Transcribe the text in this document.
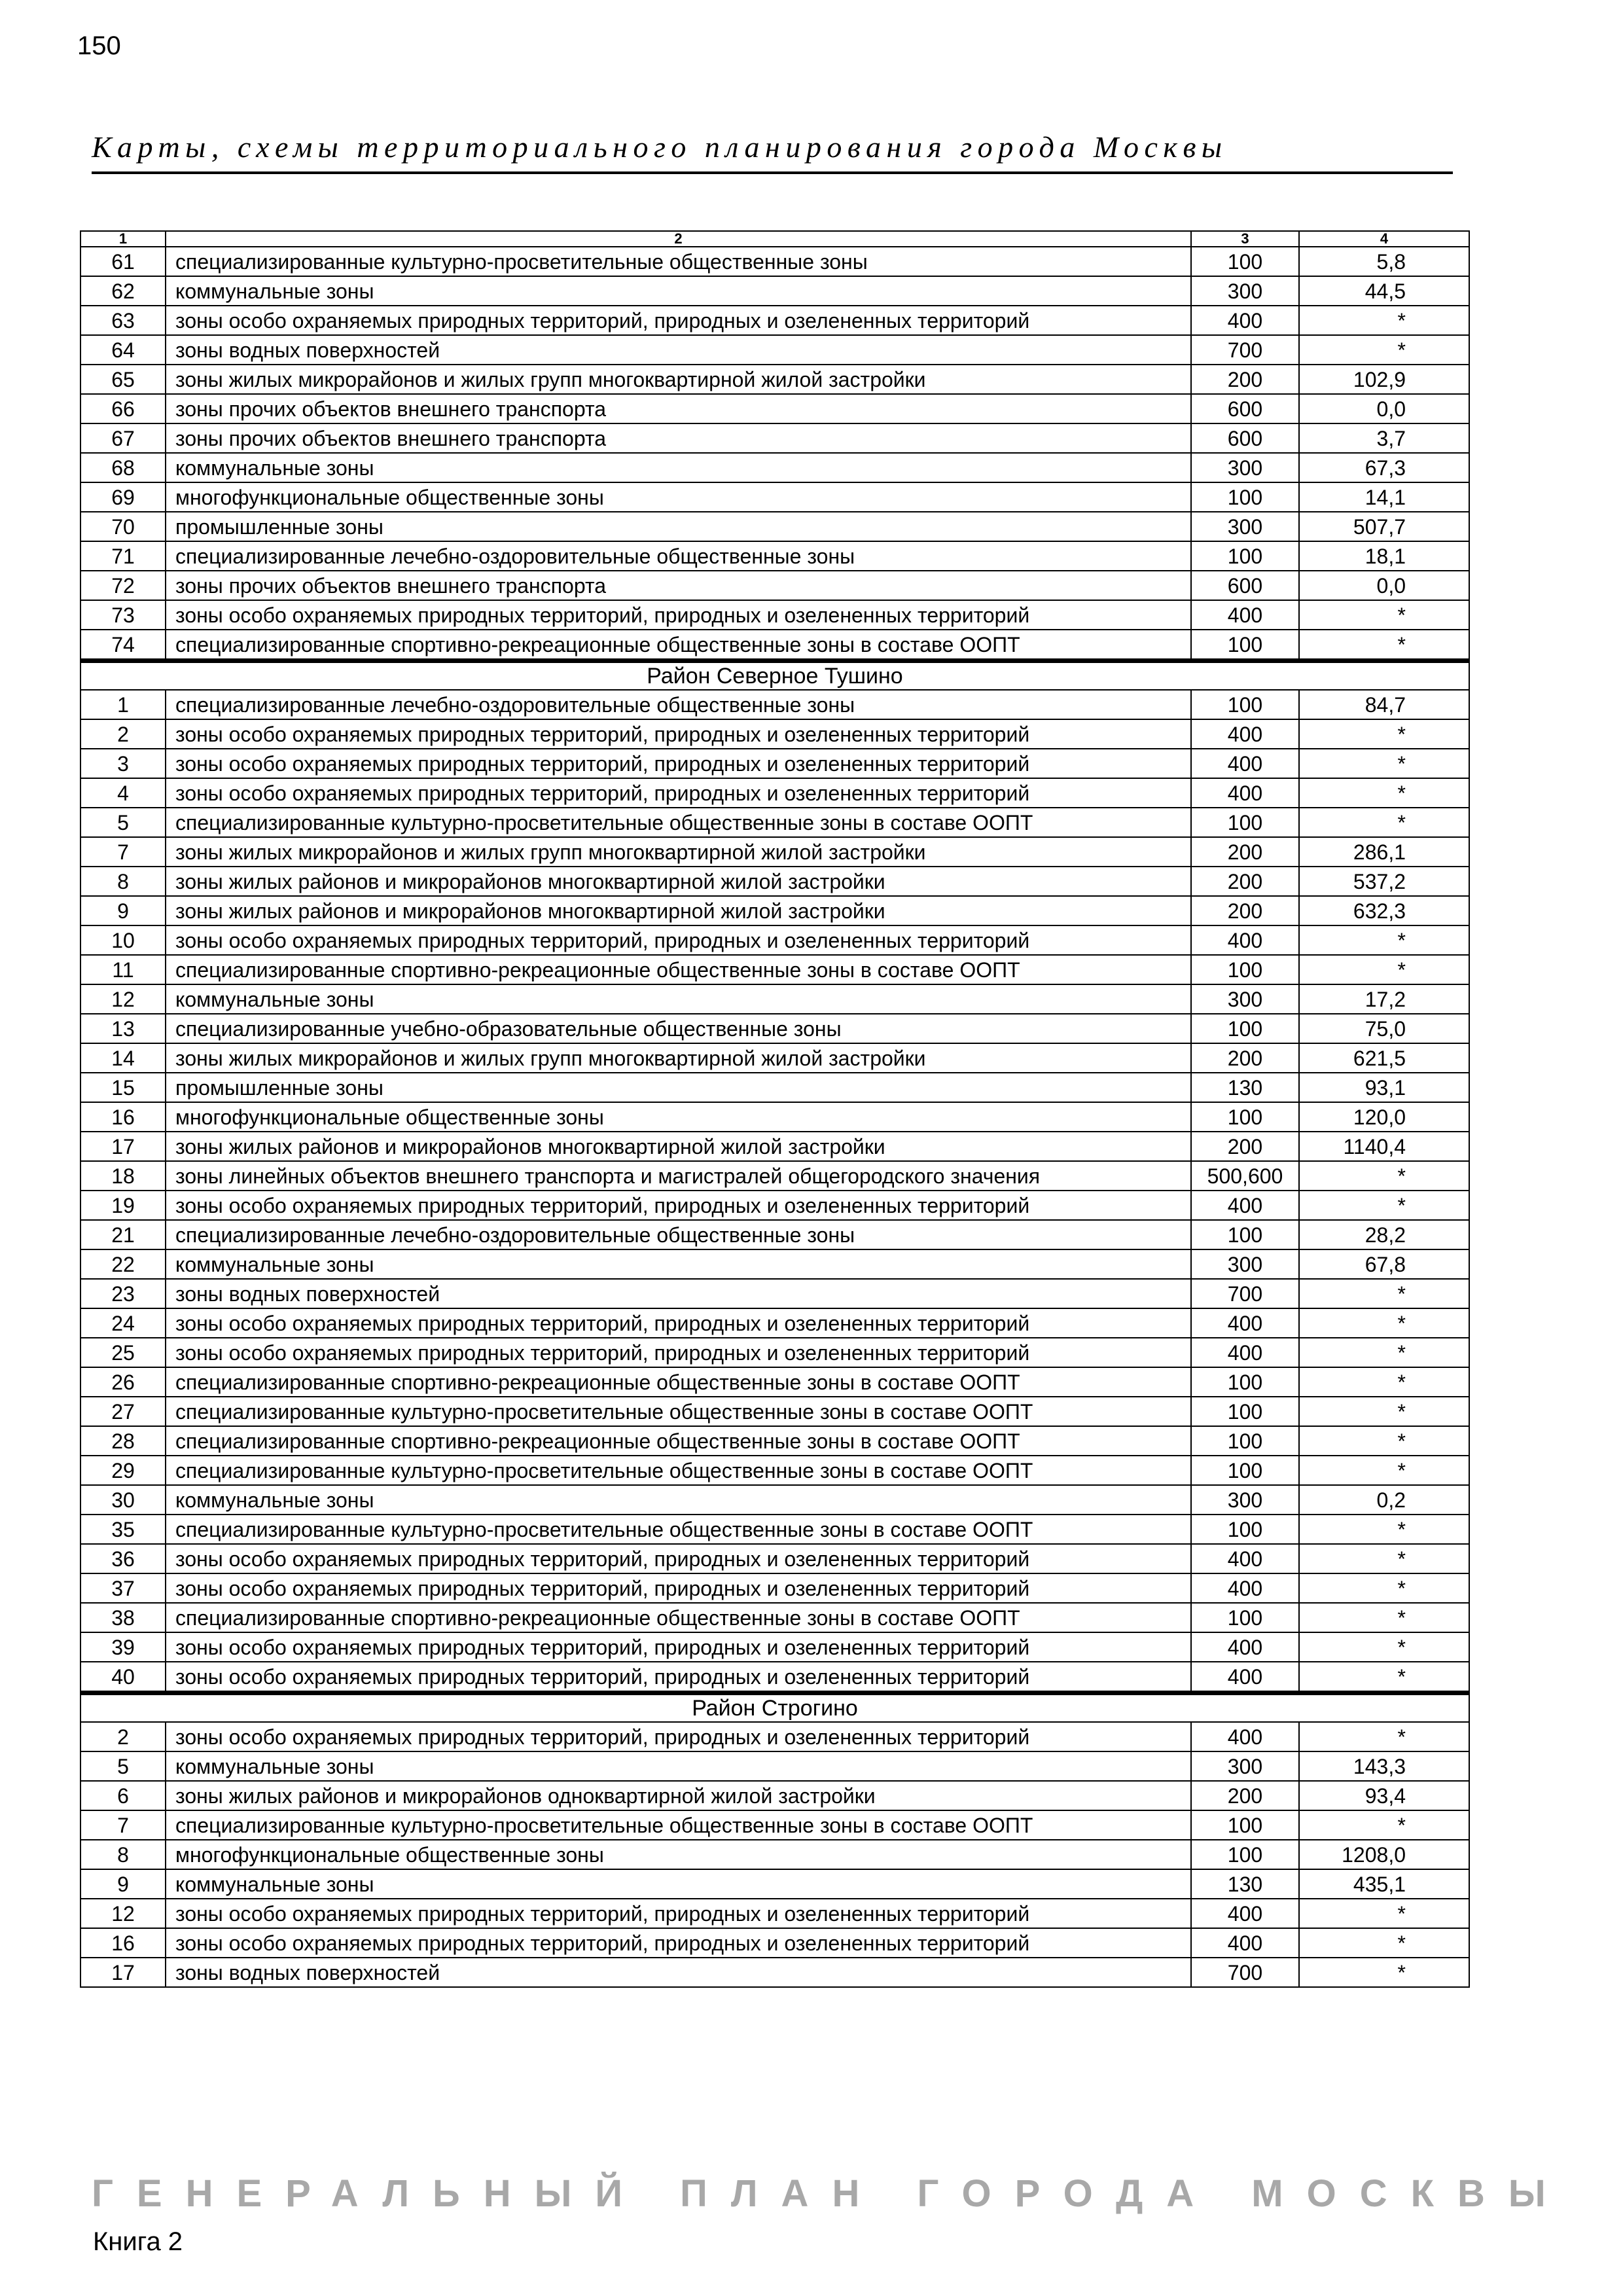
150
Карты, схемы территориального планирования города Москвы
1	2	3	4
61	специализированные культурно-просветительные общественные зоны	100	5,8
62	коммунальные зоны	300	44,5
63	зоны особо охраняемых природных территорий, природных и озелененных территорий	400	*
64	зоны водных поверхностей	700	*
65	зоны жилых микрорайонов и жилых групп многоквартирной жилой застройки	200	102,9
66	зоны прочих объектов внешнего транспорта	600	0,0
67	зоны прочих объектов внешнего транспорта	600	3,7
68	коммунальные зоны	300	67,3
69	многофункциональные общественные зоны	100	14,1
70	промышленные зоны	300	507,7
71	специализированные лечебно-оздоровительные общественные зоны	100	18,1
72	зоны прочих объектов внешнего транспорта	600	0,0
73	зоны особо охраняемых природных территорий, природных и озелененных территорий	400	*
74	специализированные спортивно-рекреационные общественные зоны в составе ООПТ	100	*
Район Северное Тушино			
1	специализированные лечебно-оздоровительные общественные зоны	100	84,7
2	зоны особо охраняемых природных территорий, природных и озелененных территорий	400	*
3	зоны особо охраняемых природных территорий, природных и озелененных территорий	400	*
4	зоны особо охраняемых природных территорий, природных и озелененных территорий	400	*
5	специализированные культурно-просветительные общественные зоны в составе ООПТ	100	*
7	зоны жилых микрорайонов и жилых групп многоквартирной жилой застройки	200	286,1
8	зоны жилых районов и микрорайонов многоквартирной жилой застройки	200	537,2
9	зоны жилых районов и микрорайонов многоквартирной жилой застройки	200	632,3
10	зоны особо охраняемых природных территорий, природных и озелененных территорий	400	*
11	специализированные спортивно-рекреационные общественные зоны в составе ООПТ	100	*
12	коммунальные зоны	300	17,2
13	специализированные учебно-образовательные общественные зоны	100	75,0
14	зоны жилых микрорайонов и жилых групп многоквартирной жилой застройки	200	621,5
15	промышленные зоны	130	93,1
16	многофункциональные общественные зоны	100	120,0
17	зоны жилых районов и микрорайонов многоквартирной жилой застройки	200	1140,4
18	зоны линейных объектов внешнего транспорта и магистралей общегородского значения	500,600	*
19	зоны особо охраняемых природных территорий, природных и озелененных территорий	400	*
21	специализированные лечебно-оздоровительные общественные зоны	100	28,2
22	коммунальные зоны	300	67,8
23	зоны водных поверхностей	700	*
24	зоны особо охраняемых природных территорий, природных и озелененных территорий	400	*
25	зоны особо охраняемых природных территорий, природных и озелененных территорий	400	*
26	специализированные спортивно-рекреационные общественные зоны в составе ООПТ	100	*
27	специализированные культурно-просветительные общественные зоны в составе ООПТ	100	*
28	специализированные спортивно-рекреационные общественные зоны в составе ООПТ	100	*
29	специализированные культурно-просветительные общественные зоны в составе ООПТ	100	*
30	коммунальные зоны	300	0,2
35	специализированные культурно-просветительные общественные зоны в составе ООПТ	100	*
36	зоны особо охраняемых природных территорий, природных и озелененных территорий	400	*
37	зоны особо охраняемых природных территорий, природных и озелененных территорий	400	*
38	специализированные спортивно-рекреационные общественные зоны в составе ООПТ	100	*
39	зоны особо охраняемых природных территорий, природных и озелененных территорий	400	*
40	зоны особо охраняемых природных территорий, природных и озелененных территорий	400	*
Район Строгино			
2	зоны особо охраняемых природных территорий, природных и озелененных территорий	400	*
5	коммунальные зоны	300	143,3
6	зоны жилых районов и микрорайонов одноквартирной жилой застройки	200	93,4
7	специализированные культурно-просветительные общественные зоны в составе ООПТ	100	*
8	многофункциональные общественные зоны	100	1208,0
9	коммунальные зоны	130	435,1
12	зоны особо охраняемых природных территорий, природных и озелененных территорий	400	*
16	зоны особо охраняемых природных территорий, природных и озелененных территорий	400	*
17	зоны водных поверхностей	700	*
ГЕНЕРАЛЬНЫЙ ПЛАН ГОРОДА МОСКВЫ
Книга 2
